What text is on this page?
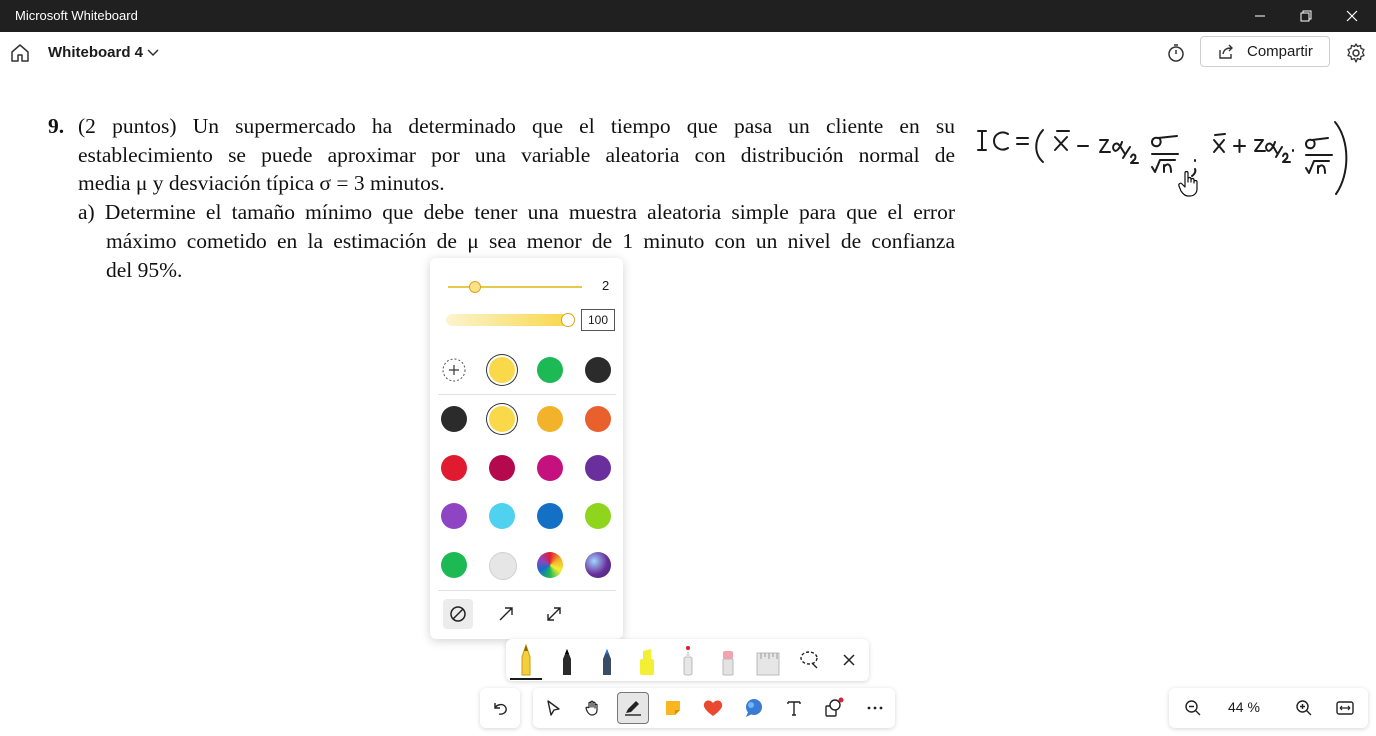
Microsoft Whiteboard
Whiteboard 4	Compartir
9. (2 puntos) Un supermercado ha determinado que el tiempo que pasa un cliente en su
establecimiento se puede aproximar por una variable aleatoria con distribución normal de
media μ y desviación típica σ = 3 minutos.
a) Determine el tamaño mínimo que debe tener una muestra aleatoria simple para que el error
máximo cometido en la estimación de μ sea menor de 1 minuto con un nivel de confianza
del 95%.
2
100
44 %
